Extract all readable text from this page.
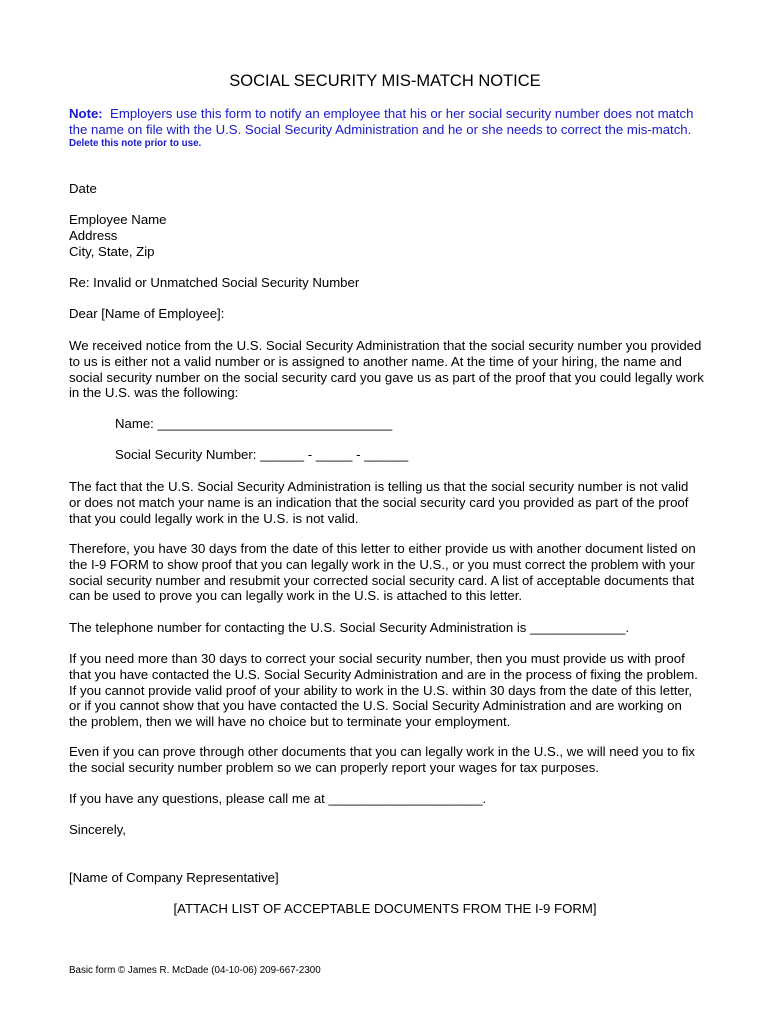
SOCIAL SECURITY MIS-MATCH NOTICE
Note: Employers use this form to notify an employee that his or her social security number does not match
the name on file with the U.S. Social Security Administration and he or she needs to correct the mis-match.
Delete this note prior to use.
Date
Employee Name
Address
City, State, Zip
Re: Invalid or Unmatched Social Security Number
Dear [Name of Employee]:
We received notice from the U.S. Social Security Administration that the social security number you provided
to us is either not a valid number or is assigned to another name. At the time of your hiring, the name and
social security number on the social security card you gave us as part of the proof that you could legally work
in the U.S. was the following:
Name: ________________________________
Social Security Number: ______ - _____ - ______
The fact that the U.S. Social Security Administration is telling us that the social security number is not valid
or does not match your name is an indication that the social security card you provided as part of the proof
that you could legally work in the U.S. is not valid.
Therefore, you have 30 days from the date of this letter to either provide us with another document listed on
the I-9 FORM to show proof that you can legally work in the U.S., or you must correct the problem with your
social security number and resubmit your corrected social security card. A list of acceptable documents that
can be used to prove you can legally work in the U.S. is attached to this letter.
The telephone number for contacting the U.S. Social Security Administration is _____________.
If you need more than 30 days to correct your social security number, then you must provide us with proof
that you have contacted the U.S. Social Security Administration and are in the process of fixing the problem.
If you cannot provide valid proof of your ability to work in the U.S. within 30 days from the date of this letter,
or if you cannot show that you have contacted the U.S. Social Security Administration and are working on
the problem, then we will have no choice but to terminate your employment.
Even if you can prove through other documents that you can legally work in the U.S., we will need you to fix
the social security number problem so we can properly report your wages for tax purposes.
If you have any questions, please call me at _____________________.
Sincerely,
[Name of Company Representative]
[ATTACH LIST OF ACCEPTABLE DOCUMENTS FROM THE I-9 FORM]
Basic form © James R. McDade (04-10-06) 209-667-2300
